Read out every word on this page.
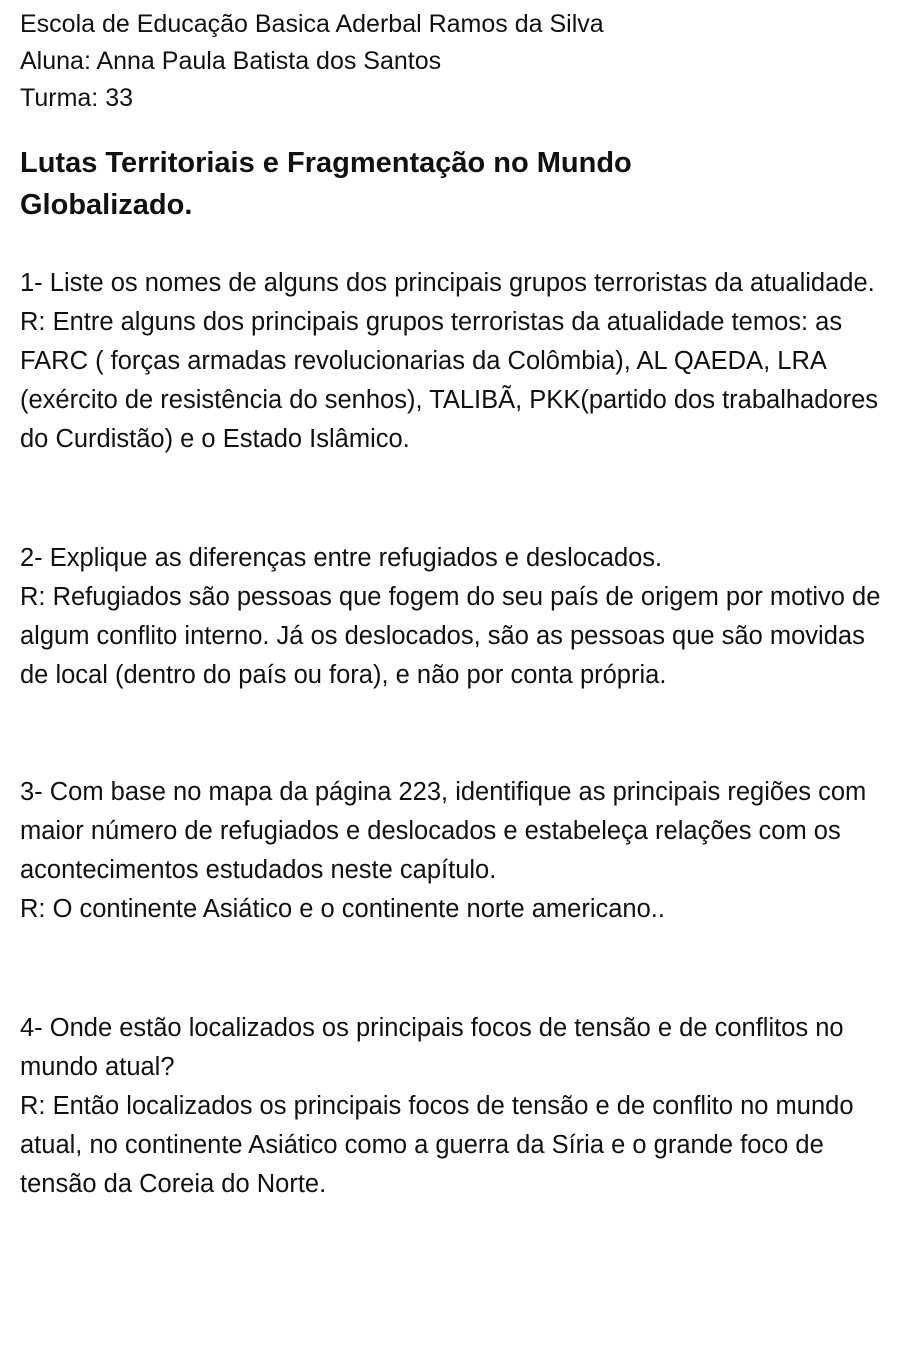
Escola de Educação Basica Aderbal Ramos da Silva

Aluna: Anna Paula Batista dos Santos

Turma: 33

Lutas Territoriais e Fragmentação no Mundo Globalizado.

1- Liste os nomes de alguns dos principais grupos terroristas da atualidade.

R: Entre alguns dos principais grupos terroristas da atualidade temos: as FARC ( forças armadas revolucionarias da Colômbia), AL QAEDA, LRA (exército de resistência do senhos), TALIBÃ, PKK(partido dos trabalhadores do Curdistão) e o Estado Islâmico.

2- Explique as diferenças entre refugiados e deslocados.

R: Refugiados são pessoas que fogem do seu país de origem por motivo de algum conflito interno. Já os deslocados, são as pessoas que são movidas de local (dentro do país ou fora), e não por conta própria.

3- Com base no mapa da página 223, identifique as principais regiões com maior número de refugiados e deslocados e estabeleça relações com os acontecimentos estudados neste capítulo.

R: O continente Asiático e o continente norte americano..

4- Onde estão localizados os principais focos de tensão e de conflitos no mundo atual?

R: Então localizados os principais focos de tensão e de conflito no mundo atual, no continente Asiático como a guerra da Síria e o grande foco de tensão da Coreia do Norte.
